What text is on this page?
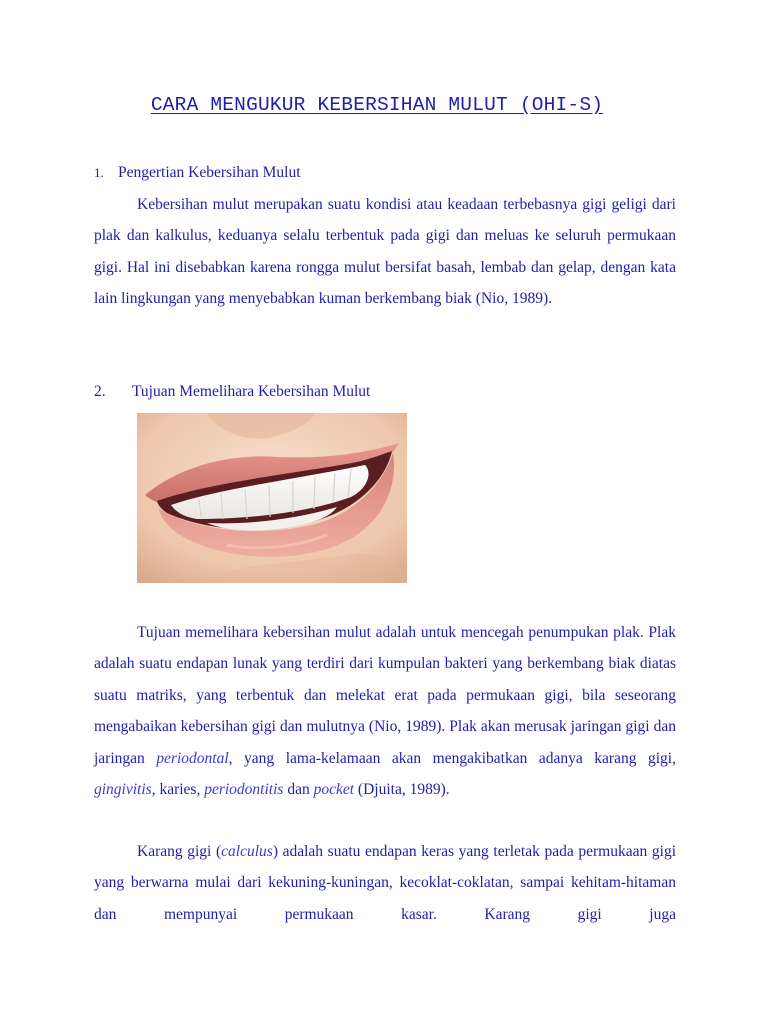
CARA MENGUKUR KEBERSIHAN MULUT (OHI-S)
1. Pengertian Kebersihan Mulut

Kebersihan mulut merupakan suatu kondisi atau keadaan terbebasnya gigi geligi dari plak dan kalkulus, keduanya selalu terbentuk pada gigi dan meluas ke seluruh permukaan gigi. Hal ini disebabkan karena rongga mulut bersifat basah, lembab dan gelap, dengan kata lain lingkungan yang menyebabkan kuman berkembang biak (Nio, 1989).

2. Tujuan Memelihara Kebersihan Mulut

Tujuan memelihara kebersihan mulut adalah untuk mencegah penumpukan plak. Plak adalah suatu endapan lunak yang terdiri dari kumpulan bakteri yang berkembang biak diatas suatu matriks, yang terbentuk dan melekat erat pada permukaan gigi, bila seseorang mengabaikan kebersihan gigi dan mulutnya (Nio, 1989). Plak akan merusak jaringan gigi dan jaringan periodontal, yang lama-kelamaan akan mengakibatkan adanya karang gigi, gingivitis, karies, periodontitis dan pocket (Djuita, 1989).

Karang gigi (calculus) adalah suatu endapan keras yang terletak pada permukaan gigi yang berwarna mulai dari kekuning-kuningan, kecoklat-coklatan, sampai kehitam-hitaman dan mempunyai permukaan kasar. Karang gigi juga
